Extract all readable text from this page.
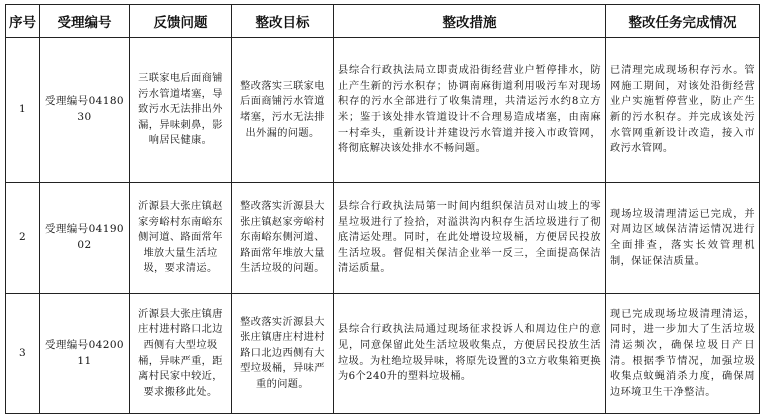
序号	受理编号	反馈问题	整改目标	整改措施	整改任务完成情况
1	受理编号0418030	三联家电后面商铺污水管道堵塞，导致污水无法排出外漏，异味刺鼻，影响居民健康。	整改落实三联家电后面商铺污水管道堵塞，污水无法排出外漏的问题。	县综合行政执法局立即责成沿街经营业户暂停排水，防止产生新的污水积存；协调南麻街道利用吸污车对现场积存的污水全部进行了收集清理，共清运污水约8立方米；鉴于该处排水管道设计不合理易造成堵塞，由南麻一村牵头，重新设计并建设污水管道并接入市政管网，将彻底解决该处排水不畅问题。	已清理完成现场积存污水。管网施工期间，对该处沿街经营业户实施暂停营业，防止产生新的污水积存。并完成该处污水管网重新设计改造，接入市政污水管网。
2	受理编号0419002	沂源县大张庄镇赵家旁峪村东南峪东侧河道、路面常年堆放大量生活垃圾，要求清运。	整改落实沂源县大张庄镇赵家旁峪村东南峪东侧河道、路面常年堆放大量生活垃圾的问题。	县综合行政执法局第一时间内组织保洁员对山坡上的零星垃圾进行了捡拾，对溢洪沟内积存生活垃圾进行了彻底清运处理。同时，在此处增设垃圾桶，方便居民投放生活垃圾。督促相关保洁企业举一反三，全面提高保洁清运质量。	现场垃圾清理清运已完成，并对周边区域保洁清运情况进行全面排查，落实长效管理机制，保证保洁质量。
3	受理编号0420011	沂源县大张庄镇唐庄村进村路口北边西侧有大型垃圾桶，异味严重，距离村民家中较近，要求搬移此处。	整改落实沂源县大张庄镇唐庄村进村路口北边西侧有大型垃圾桶，异味严重的问题。	县综合行政执法局通过现场征求投诉人和周边住户的意见，同意保留此处生活垃圾收集点，方便居民投放生活垃圾。为杜绝垃圾异味，将原先设置的3立方收集箱更换为6个240升的塑料垃圾桶。	现已完成现场垃圾清理清运，同时，进一步加大了生活垃圾清运频次，确保垃圾日产日清。根据季节情况，加强垃圾收集点蚊蝇消杀力度，确保周边环境卫生干净整洁。
